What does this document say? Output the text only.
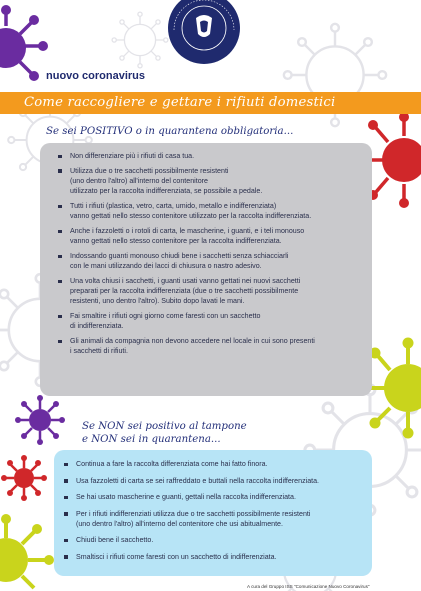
nuovo coronavirus
Come raccogliere e gettare i rifiuti domestici
Se sei POSITIVO o in quarantena obbligatoria...
Non differenziare più i rifiuti di casa tua.
Utilizza due o tre sacchetti possibilmente resistenti
(uno dentro l'altro) all'interno del contenitore
utilizzato per la raccolta indifferenziata, se possibile a pedale.
Tutti i rifiuti (plastica, vetro, carta, umido, metallo e indifferenziata)
vanno gettati nello stesso contenitore utilizzato per la raccolta indifferenziata.
Anche i fazzoletti o i rotoli di carta, le mascherine, i guanti, e i teli monouso
vanno gettati nello stesso contenitore per la raccolta indifferenziata.
Indossando guanti monouso chiudi bene i sacchetti senza schiacciarli
con le mani utilizzando dei lacci di chiusura o nastro adesivo.
Una volta chiusi i sacchetti, i guanti usati vanno gettati nei nuovi sacchetti
preparati per la raccolta indifferenziata (due o tre sacchetti possibilmente
resistenti, uno dentro l'altro). Subito dopo lavati le mani.
Fai smaltire i rifiuti ogni giorno come faresti con un sacchetto
di indifferenziata.
Gli animali da compagnia non devono accedere nel locale in cui sono presenti
i sacchetti di rifiuti.
Se NON sei positivo al tampone
e NON sei in quarantena...
Continua a fare la raccolta differenziata come hai fatto finora.
Usa fazzoletti di carta se sei raffreddato e buttali nella raccolta indifferenziata.
Se hai usato mascherine e guanti, gettali nella raccolta indifferenziata.
Per i rifiuti indifferenziati utilizza due o tre sacchetti possibilmente resistenti
(uno dentro l'altro) all'interno del contenitore che usi abitualmente.
Chiudi bene il sacchetto.
Smaltisci i rifiuti come faresti con un sacchetto di indifferenziata.
A cura del Gruppo ISS "Comunicazione Nuovo Coronavirus"
